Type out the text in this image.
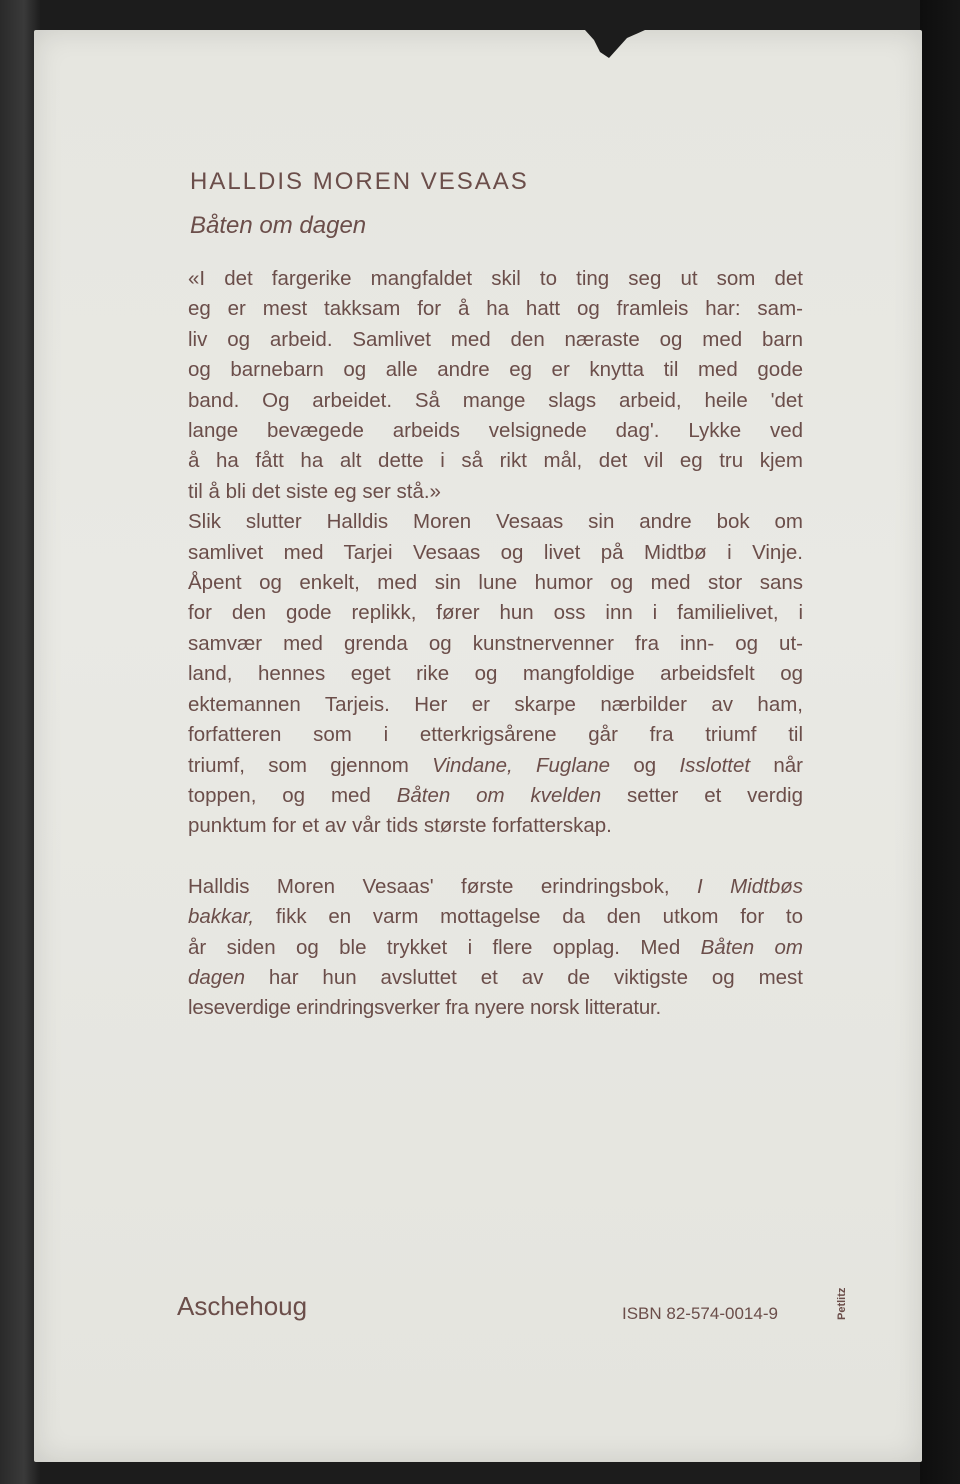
HALLDIS MOREN VESAAS
Båten om dagen
«I det fargerike mangfaldet skil to ting seg ut som det
eg er mest takksam for å ha hatt og framleis har: sam-
liv og arbeid. Samlivet med den næraste og med barn
og barnebarn og alle andre eg er knytta til med gode
band. Og arbeidet. Så mange slags arbeid, heile 'det
lange bevægede arbeids velsignede dag'. Lykke ved
å ha fått ha alt dette i så rikt mål, det vil eg tru kjem
til å bli det siste eg ser stå.»
Slik slutter Halldis Moren Vesaas sin andre bok om
samlivet med Tarjei Vesaas og livet på Midtbø i Vinje.
Åpent og enkelt, med sin lune humor og med stor sans
for den gode replikk, fører hun oss inn i familielivet, i
samvær med grenda og kunstnervenner fra inn- og ut-
land, hennes eget rike og mangfoldige arbeidsfelt og
ektemannen Tarjeis. Her er skarpe nærbilder av ham,
forfatteren som i etterkrigsårene går fra triumf til
triumf, som gjennom Vindane, Fuglane og Isslottet når
toppen, og med Båten om kvelden setter et verdig
punktum for et av vår tids største forfatterskap.
Halldis Moren Vesaas' første erindringsbok, I Midtbøs
bakkar, fikk en varm mottagelse da den utkom for to
år siden og ble trykket i flere opplag. Med Båten om
dagen har hun avsluttet et av de viktigste og mest
leseverdige erindringsverker fra nyere norsk litteratur.
Aschehoug	ISBN 82-574-0014-9	Petlitz
